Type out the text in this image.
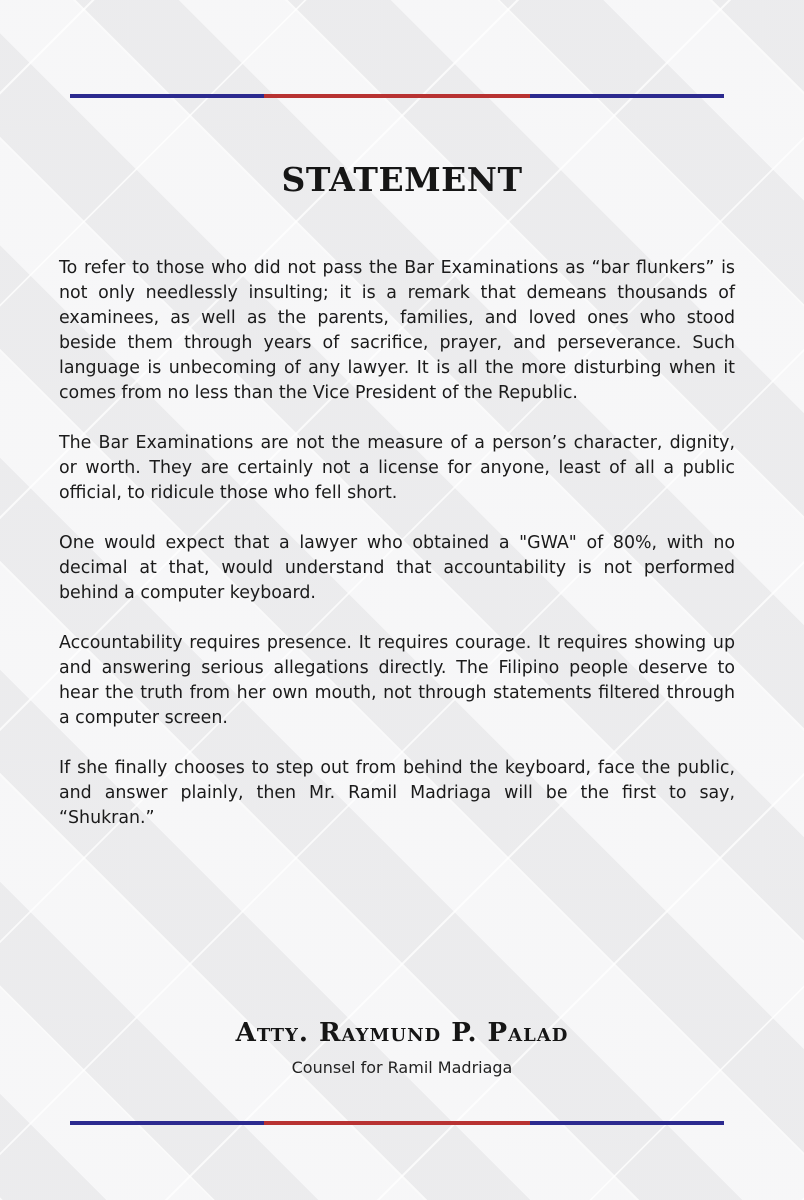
STATEMENT

To refer to those who did not pass the Bar Examinations as “bar flunkers” is not only needlessly insulting; it is a remark that demeans thousands of examinees, as well as the parents, families, and loved ones who stood beside them through years of sacrifice, prayer, and perseverance. Such language is unbecoming of any lawyer. It is all the more disturbing when it comes from no less than the Vice President of the Republic.

The Bar Examinations are not the measure of a person’s character, dignity, or worth. They are certainly not a license for anyone, least of all a public official, to ridicule those who fell short.

One would expect that a lawyer who obtained a "GWA" of 80%, with no decimal at that, would understand that accountability is not performed behind a computer keyboard.

Accountability requires presence. It requires courage. It requires showing up and answering serious allegations directly. The Filipino people deserve to hear the truth from her own mouth, not through statements filtered through a computer screen.

If she finally chooses to step out from behind the keyboard, face the public, and answer plainly, then Mr. Ramil Madriaga will be the first to say, “Shukran.”

Atty. Raymund P. Palad

Counsel for Ramil Madriaga
